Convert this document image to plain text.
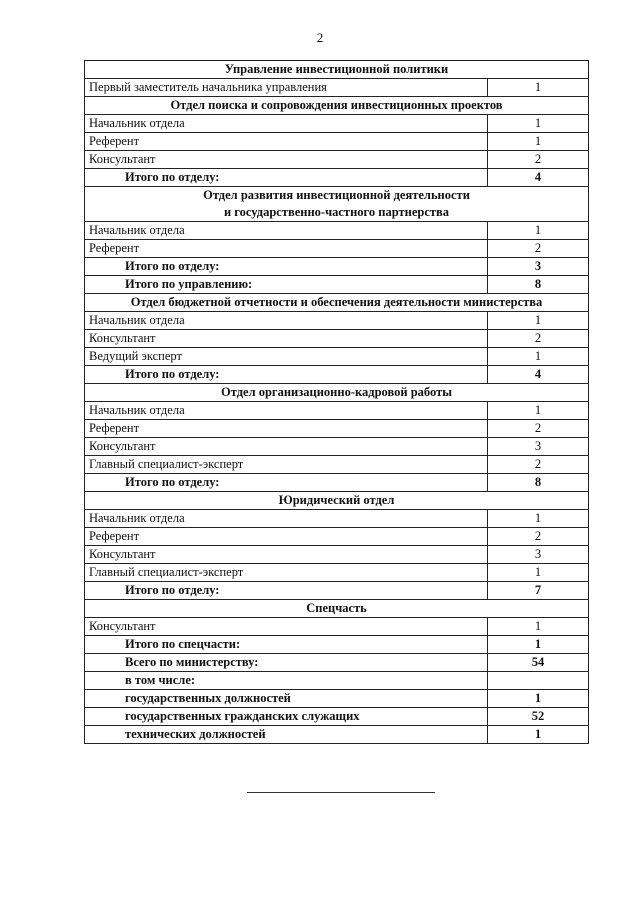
2
Управление инвестиционной политики	
Первый заместитель начальника управления	1
Отдел поиска и сопровождения инвестиционных проектов	
Начальник отдела	1
Референт	1
Консультант	2
Итого по отделу:	4
Отдел развития инвестиционной деятельности
и государственно-частного партнерства	
Начальник отдела	1
Референт	2
Итого по отделу:	3
Итого по управлению:	8
Отдел бюджетной отчетности и обеспечения деятельности министерства	
Начальник отдела	1
Консультант	2
Ведущий эксперт	1
Итого по отделу:	4
Отдел организационно-кадровой работы	
Начальник отдела	1
Референт	2
Консультант	3
Главный специалист-эксперт	2
Итого по отделу:	8
Юридический отдел	
Начальник отдела	1
Референт	2
Консультант	3
Главный специалист-эксперт	1
Итого по отделу:	7
Спецчасть	
Консультант	1
Итого по спецчасти:	1
Всего по министерству:	54
в том числе:	
государственных должностей	1
государственных гражданских служащих	52
технических должностей	1
